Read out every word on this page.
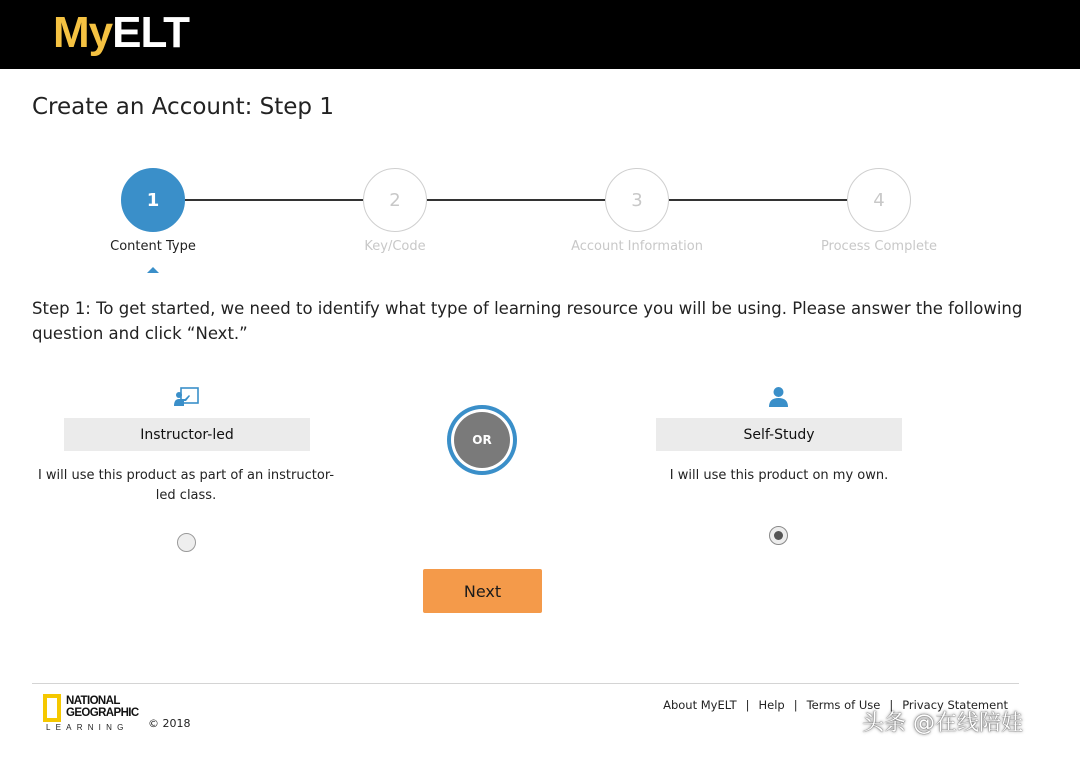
MyELT
Create an Account: Step 1
1	2	3	4
Content Type	Key/Code	Account Information	Process Complete

Step 1: To get started, we need to identify what type of learning resource you will be using. Please answer the following question and click “Next.”

Instructor-led
I will use this product as part of an instructor-led class.
OR	Self-Study
I will use this product on my own.
Next
NATIONAL
GEOGRAPHIC
LEARNING © 2018
About MyELT | Help | Terms of Use | Privacy Statement
头条 @在线陪娃
